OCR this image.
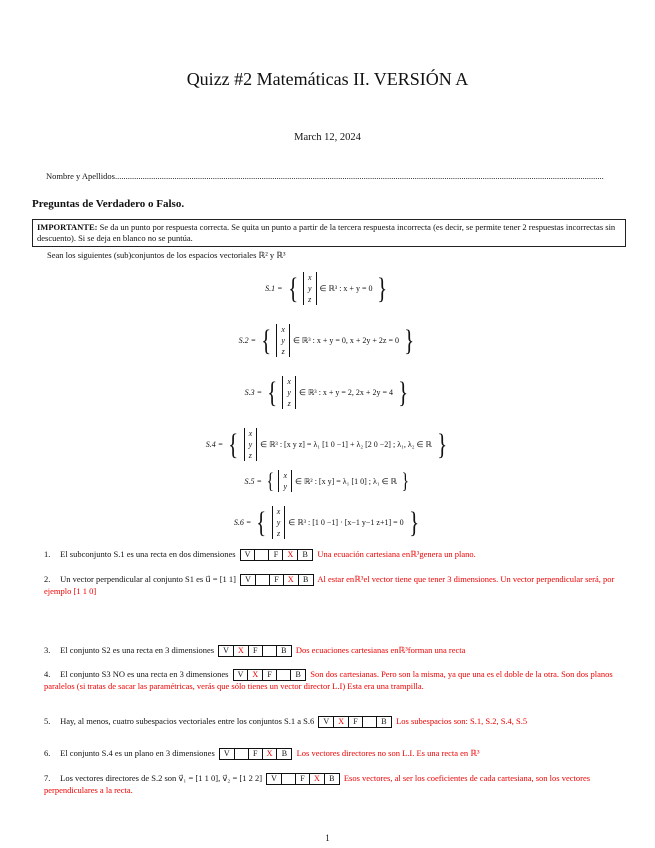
Quizz #2 Matemáticas II. VERSIÓN A
March 12, 2024
Nombre y Apellidos......................................................................................................................................................................................................................................
Preguntas de Verdadero o Falso.
IMPORTANTE: Se da un punto por respuesta correcta. Se quita un punto a partir de la tercera respuesta incorrecta (es decir, se permite tener 2 respuestas incorrectas sin descuento). Si se deja en blanco no se puntúa.
Sean los siguientes (sub)conjuntos de los espacios vectoriales ℝ² y ℝ³
S.1 = { x
y
z
∈ ℝ³ : x + y = 0 }
S.2 = { x
y
z
∈ ℝ³ : x + y = 0, x + 2y + 2z = 0 }
S.3 = { x
y
z
∈ ℝ³ : x + y = 2, 2x + 2y = 4 }
S.4 = { x
y
z
∈ ℝ³ : [x y z] = λ₁ [1 0 −1] + λ₂ [2 0 −2] ; λ₁, λ₂ ∈ ℝ }
S.5 = { x
y
∈ ℝ² : [x y] = λ₁ [1 0] ; λ₁ ∈ ℝ }
S.6 = { x
y
z
∈ ℝ³ : [1 0 −1] · [x−1 y−1 z+1] = 0 }
1. El subconjunto S.1 es una recta en dos dimensiones	V	F	X	B	Una ecuación cartesiana enℝ³genera un plano.
2. Un vector perpendicular al conjunto S1 es u⃗ = [1 1]	V	F	X	B	Al estar enℝ³el vector tiene que tener 3 dimensiones. Un vector perpendicular será, por ejemplo [1 1 0]
3. El conjunto S2 es una recta en 3 dimensiones	V	X	F	B	Dos ecuaciones cartesianas enℝ³forman una recta
4. El conjunto S3 NO es una recta en 3 dimensiones	V	X	F	B	Son dos cartesianas. Pero son la misma, ya que una es el doble de la otra. Son dos planos paralelos (si tratas de sacar las paramétricas, verás que sólo tienes un vector director L.I) Esta era una trampilla.
5. Hay, al menos, cuatro subespacios vectoriales entre los conjuntos S.1 a S.6	V	X	F	B	Los subespacios son: S.1, S.2, S.4, S.5
6. El conjunto S.4 es un plano en 3 dimensiones	V	F	X	B	Los vectores directores no son L.I. Es una recta en ℝ³
7. Los vectores directores de S.2 son v⃗₁ = [1 1 0], v⃗₂ = [1 2 2]	V	F	X	B	Esos vectores, al ser los coeficientes de cada cartesiana, son los vectores perpendiculares a la recta.
1
